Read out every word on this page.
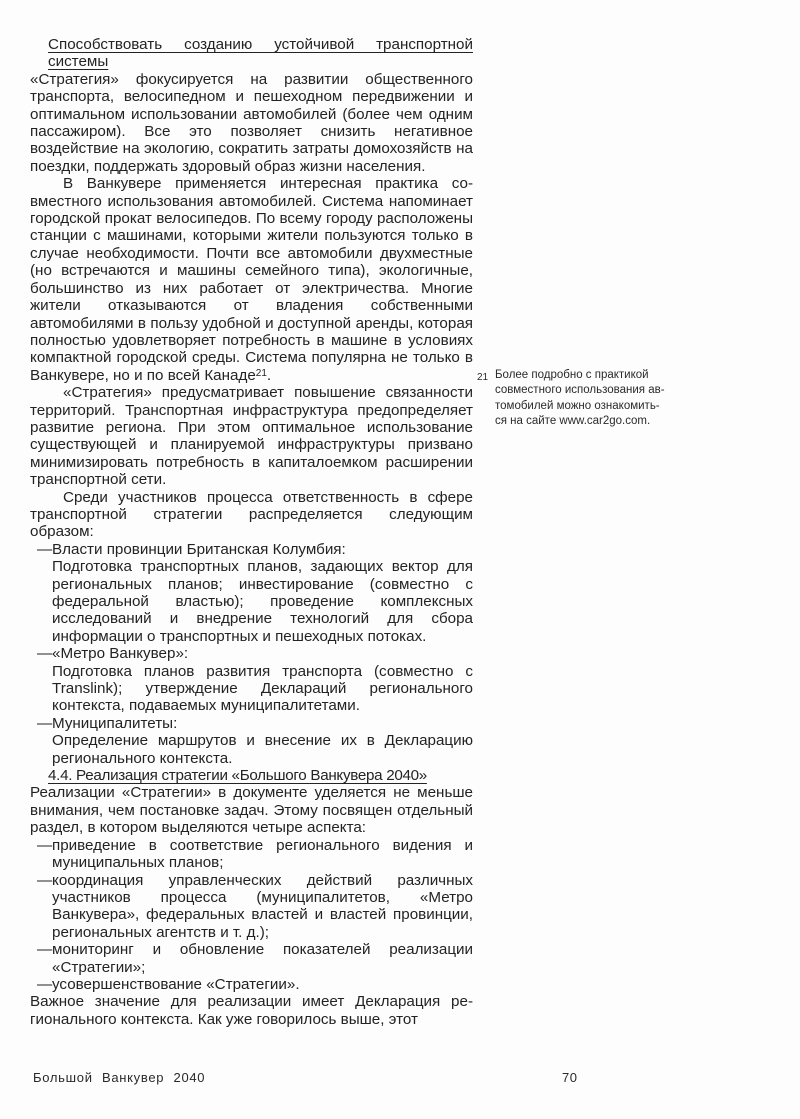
Способствовать созданию устойчивой транспортной системы

«Стратегия» фокусируется на развитии общественного транспорта, велосипедном и пешеходном передвижении и оптимальном использовании автомобилей (более чем одним пассажиром). Все это позволяет снизить негативное воздействие на экологию, сократить затраты домохозяйств на поездки, поддержать здоровый образ жизни населения.

В Ванкувере применяется интересная практика совместного использования автомобилей. Система напоминает городской прокат велосипедов. По всему городу расположены станции с машинами, которыми жители пользуются только в случае необходимости. Почти все автомобили двухместные (но встречаются и машины семейного типа), экологичные, большинство из них работает от электричества. Многие жители отказываются от владения собственными автомобилями в пользу удобной и доступной аренды, которая полностью удовлетворяет потребность в машине в условиях компактной городской среды. Система популярна не только в Ванкувере, но и по всей Канаде$^{21}$.

«Стратегия» предусматривает повышение связанности территорий. Транспортная инфраструктура предопределяет развитие региона. При этом оптимальное использование существующей и планируемой инфраструктуры призвано минимизировать потребность в капиталоемком расширении транспортной сети.

Среди участников процесса ответственность в сфере транспортной стратегии распределяется следующим образом:

— Власти провинции Британская Колумбия:
Подготовка транспортных планов, задающих вектор для региональных планов; инвестирование (совместно с федеральной властью); проведение комплексных исследований и внедрение технологий для сбора информации о транспортных и пешеходных потоках.
— «Метро Ванкувер»:
Подготовка планов развития транспорта (совместно с Translink); утверждение Деклараций регионального контекста, подаваемых муниципалитетами.
— Муниципалитеты:
Определение маршрутов и внесение их в Декларацию регионального контекста.

4.4. Реализация стратегии «Большого Ванкувера 2040»

Реализации «Стратегии» в документе уделяется не меньше внимания, чем постановке задач. Этому посвящен отдельный раздел, в котором выделяются четыре аспекта:

— приведение в соответствие регионального видения и муниципальных планов;
— координация управленческих действий различных участников процесса (муниципалитетов, «Метро Ванкувера», федеральных властей и властей провинции, региональных агентств и т. д.);
— мониторинг и обновление показателей реализации «Стратегии»;
— усовершенствование «Стратегии».

Важное значение для реализации имеет Декларация регионального контекста. Как уже говорилось выше, этот

21 Более подробно с практикой
совместного использования ав-
томобилей можно ознакомить-
ся на сайте www.car2go.com.
Большой Ванкувер 2040	70
